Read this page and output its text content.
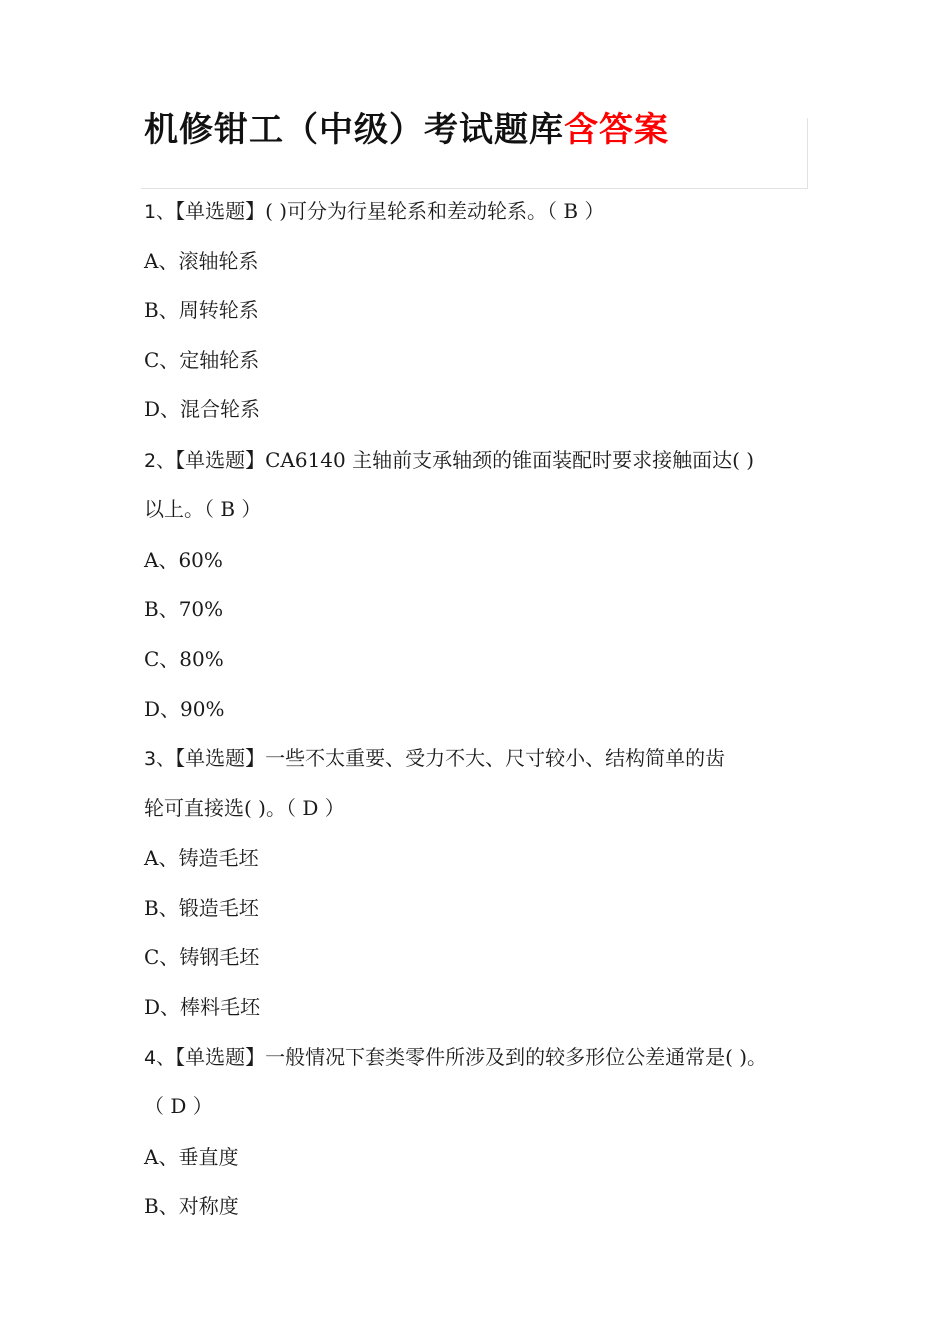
机修钳工（中级）考试题库含答案
1、【单选题】( )可分为行星轮系和差动轮系。（ B ）
A、滚轴轮系
B、周转轮系
C、定轴轮系
D、混合轮系
2、【单选题】CA6140 主轴前支承轴颈的锥面装配时要求接触面达( )
以上。（ B ）
A、60%
B、70%
C、80%
D、90%
3、【单选题】一些不太重要、受力不大、尺寸较小、结构简单的齿
轮可直接选( )。（ D ）
A、铸造毛坯
B、锻造毛坯
C、铸钢毛坯
D、棒料毛坯
4、【单选题】一般情况下套类零件所涉及到的较多形位公差通常是( )。
（ D ）
A、垂直度
B、对称度
